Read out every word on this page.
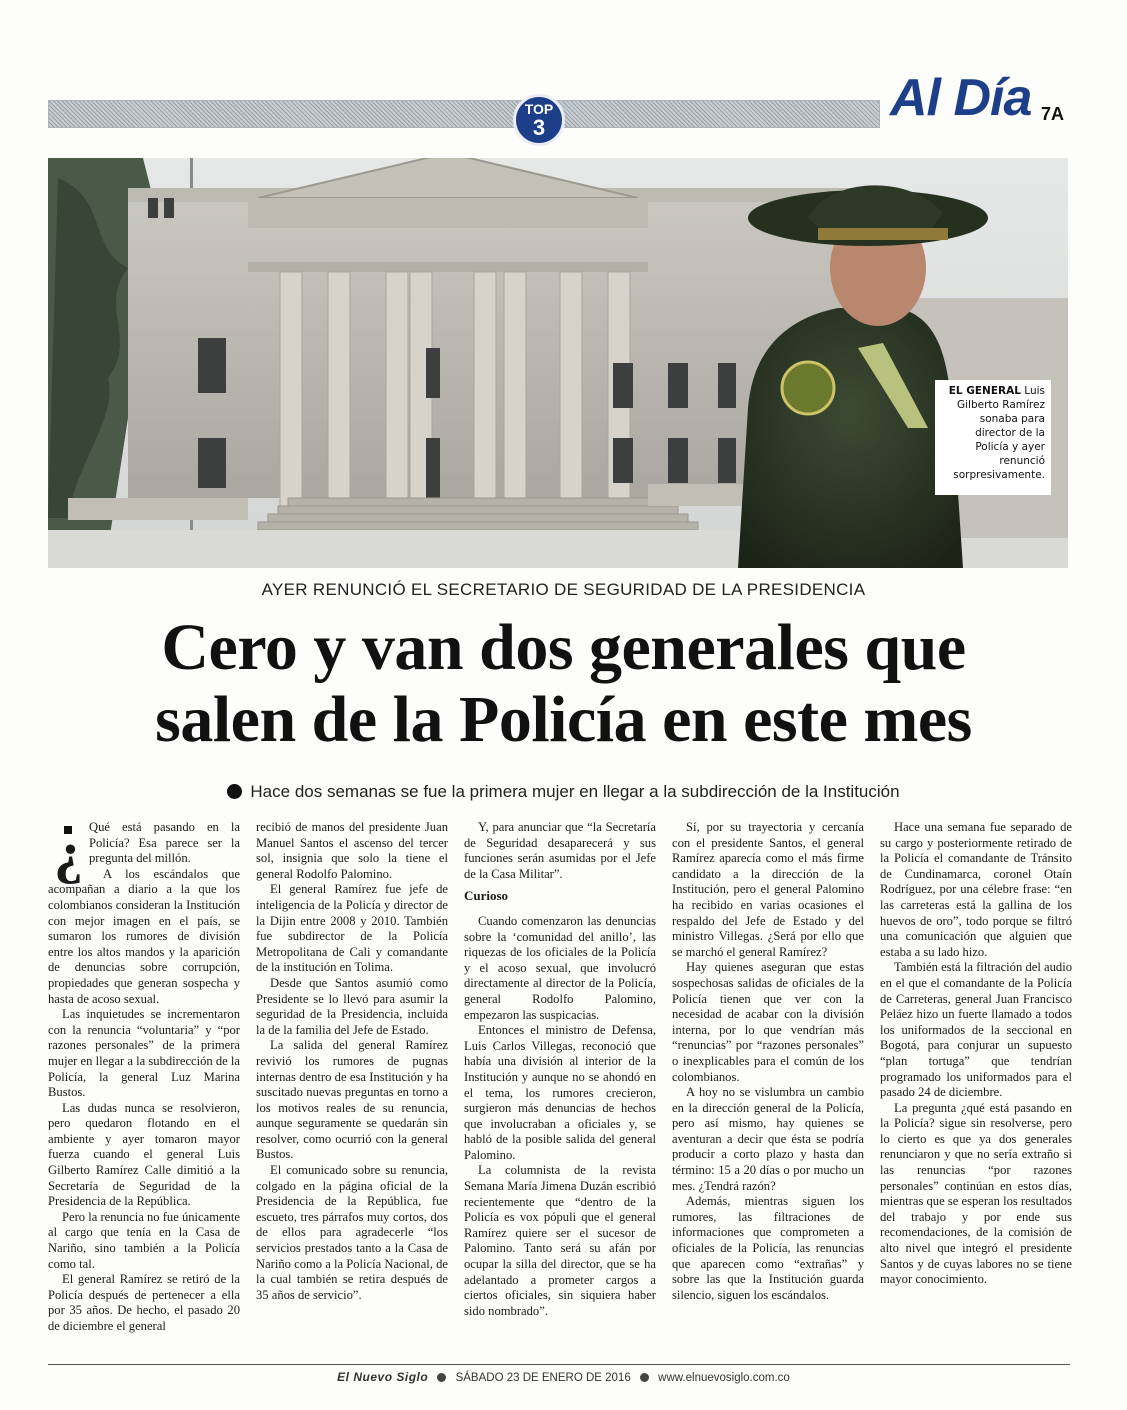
TOP
3
Al Día 7A
EL GENERAL Luis Gilberto Ramírez sonaba para director de la Policía y ayer renunció sorpresivamente.
AYER RENUNCIÓ EL SECRETARIO DE SEGURIDAD DE LA PRESIDENCIA
Cero y van dos generales que
salen de la Policía en este mes
Hace dos semanas se fue la primera mujer en llegar a la subdirección de la Institución
¿ Qué está pasando en la Policía? Esa parece ser la pregunta del millón.

A los escándalos que acompañan a diario a la que los colombianos consideran la Institución con mejor imagen en el país, se sumaron los rumores de división entre los altos mandos y la aparición de denuncias sobre corrupción, propiedades que generan sospecha y hasta de acoso sexual.

Las inquietudes se incrementaron con la renuncia “voluntaria” y “por razones personales” de la primera mujer en llegar a la subdirección de la Policía, la general Luz Marina Bustos.

Las dudas nunca se resolvieron, pero quedaron flotando en el ambiente y ayer tomaron mayor fuerza cuando el general Luis Gilberto Ramírez Calle dimitió a la Secretaría de Seguridad de la Presidencia de la República.

Pero la renuncia no fue únicamente al cargo que tenía en la Casa de Nariño, sino también a la Policía como tal.

El general Ramírez se retiró de la Policía después de pertenecer a ella por 35 años. De hecho, el pasado 20 de diciembre el general

recibió de manos del presidente Juan Manuel Santos el ascenso del tercer sol, insignia que solo la tiene el general Rodolfo Palomino.

El general Ramírez fue jefe de inteligencia de la Policía y director de la Dijin entre 2008 y 2010. También fue subdirector de la Policía Metropolitana de Cali y comandante de la institución en Tolima.

Desde que Santos asumió como Presidente se lo llevó para asumir la seguridad de la Presidencia, incluida la de la familia del Jefe de Estado.

La salida del general Ramírez revivió los rumores de pugnas internas dentro de esa Institución y ha suscitado nuevas preguntas en torno a los motivos reales de su renuncia, aunque seguramente se quedarán sin resolver, como ocurrió con la general Bustos.

El comunicado sobre su renuncia, colgado en la página oficial de la Presidencia de la República, fue escueto, tres párrafos muy cortos, dos de ellos para agradecerle “los servicios prestados tanto a la Casa de Nariño como a la Policía Nacional, de la cual también se retira después de 35 años de servicio”.

Y, para anunciar que “la Secretaría de Seguridad desaparecerá y sus funciones serán asumidas por el Jefe de la Casa Militar”.

Curioso

Cuando comenzaron las denuncias sobre la ‘comunidad del anillo’, las riquezas de los oficiales de la Policía y el acoso sexual, que involucró directamente al director de la Policía, general Rodolfo Palomino, empezaron las suspicacias.

Entonces el ministro de Defensa, Luis Carlos Villegas, reconoció que había una división al interior de la Institución y aunque no se ahondó en el tema, los rumores crecieron, surgieron más denuncias de hechos que involucraban a oficiales y, se habló de la posible salida del general Palomino.

La columnista de la revista Semana María Jimena Duzán escribió recientemente que “dentro de la Policía es vox pópuli que el general Ramírez quiere ser el sucesor de Palomino. Tanto será su afán por ocupar la silla del director, que se ha adelantado a prometer cargos a ciertos oficiales, sin siquiera haber sido nombrado”.

Sí, por su trayectoria y cercanía con el presidente Santos, el general Ramírez aparecía como el más firme candidato a la dirección de la Institución, pero el general Palomino ha recibido en varias ocasiones el respaldo del Jefe de Estado y del ministro Villegas. ¿Será por ello que se marchó el general Ramírez?

Hay quienes aseguran que estas sospechosas salidas de oficiales de la Policía tienen que ver con la necesidad de acabar con la división interna, por lo que vendrían más “renuncias” por “razones personales” o inexplicables para el común de los colombianos.

A hoy no se vislumbra un cambio en la dirección general de la Policía, pero así mismo, hay quienes se aventuran a decir que ésta se podría producir a corto plazo y hasta dan término: 15 a 20 días o por mucho un mes. ¿Tendrá razón?

Además, mientras siguen los rumores, las filtraciones de informaciones que comprometen a oficiales de la Policía, las renuncias que aparecen como “extrañas” y sobre las que la Institución guarda silencio, siguen los escándalos.

Hace una semana fue separado de su cargo y posteriormente retirado de la Policía el comandante de Tránsito de Cundinamarca, coronel Otaín Rodríguez, por una célebre frase: “en las carreteras está la gallina de los huevos de oro”, todo porque se filtró una comunicación que alguien que estaba a su lado hizo.

También está la filtración del audio en el que el comandante de la Policía de Carreteras, general Juan Francisco Peláez hizo un fuerte llamado a todos los uniformados de la seccional en Bogotá, para conjurar un supuesto “plan tortuga” que tendrían programado los uniformados para el pasado 24 de diciembre.

La pregunta ¿qué está pasando en la Policía? sigue sin resolverse, pero lo cierto es que ya dos generales renunciaron y que no sería extraño si las renuncias “por razones personales” continúan en estos días, mientras que se esperan los resultados del trabajo y por ende sus recomendaciones, de la comisión de alto nivel que integró el presidente Santos y de cuyas labores no se tiene mayor conocimiento.

El Nuevo Siglo SÁBADO 23 DE ENERO DE 2016 www.elnuevosiglo.com.co
